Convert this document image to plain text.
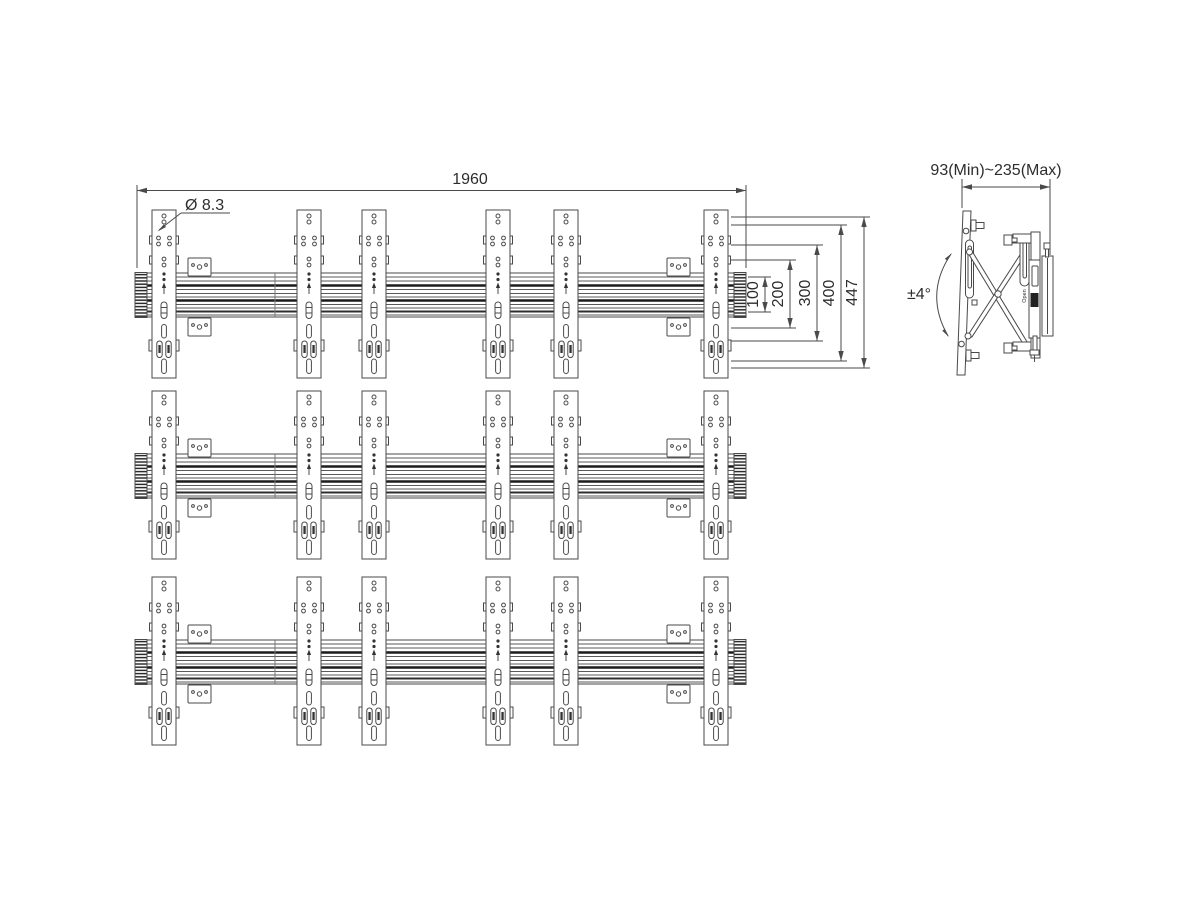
1960
Ø 8.3
100 200 300 400 447
93(Min)~235(Max)
Open
±4°
